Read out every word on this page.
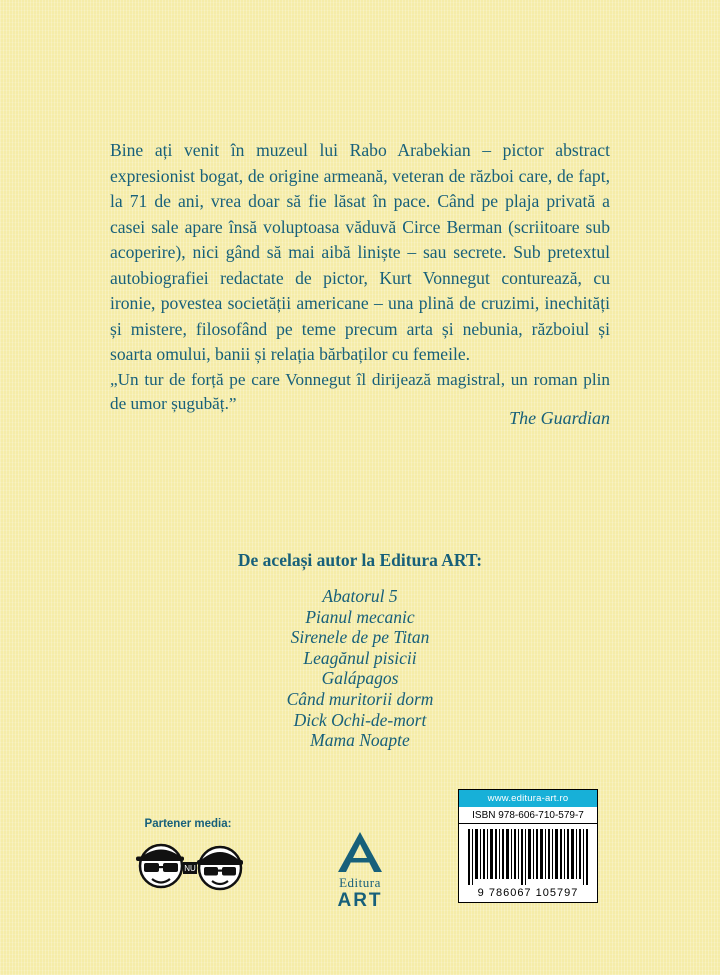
Bine ați venit în muzeul lui Rabo Arabekian – pictor abstract expresionist bogat, de origine armeană, veteran de război care, de fapt, la 71 de ani, vrea doar să fie lăsat în pace. Când pe plaja privată a casei sale apare însă voluptoasa văduvă Circe Berman (scriitoare sub acoperire), nici gând să mai aibă liniște – sau secrete. Sub pretextul autobiografiei redactate de pictor, Kurt Vonnegut conturează, cu ironie, povestea societății americane – una plină de cruzimi, inechități și mistere, filosofând pe teme precum arta și nebunia, războiul și soarta omului, banii și relația bărbaților cu femeile.

„Un tur de forță pe care Vonnegut îl dirijează magistral, un roman plin de umor șugubăț.”
The Guardian
De același autor la Editura ART:
Abatorul 5
Pianul mecanic
Sirenele de pe Titan
Leagănul pisicii
Galápagos
Când muritorii dorm
Dick Ochi-de-mort
Mama Noapte
Partener media:
NU
Editura
ART
www.editura-art.ro
ISBN 978-606-710-579-7
9 786067 105797
